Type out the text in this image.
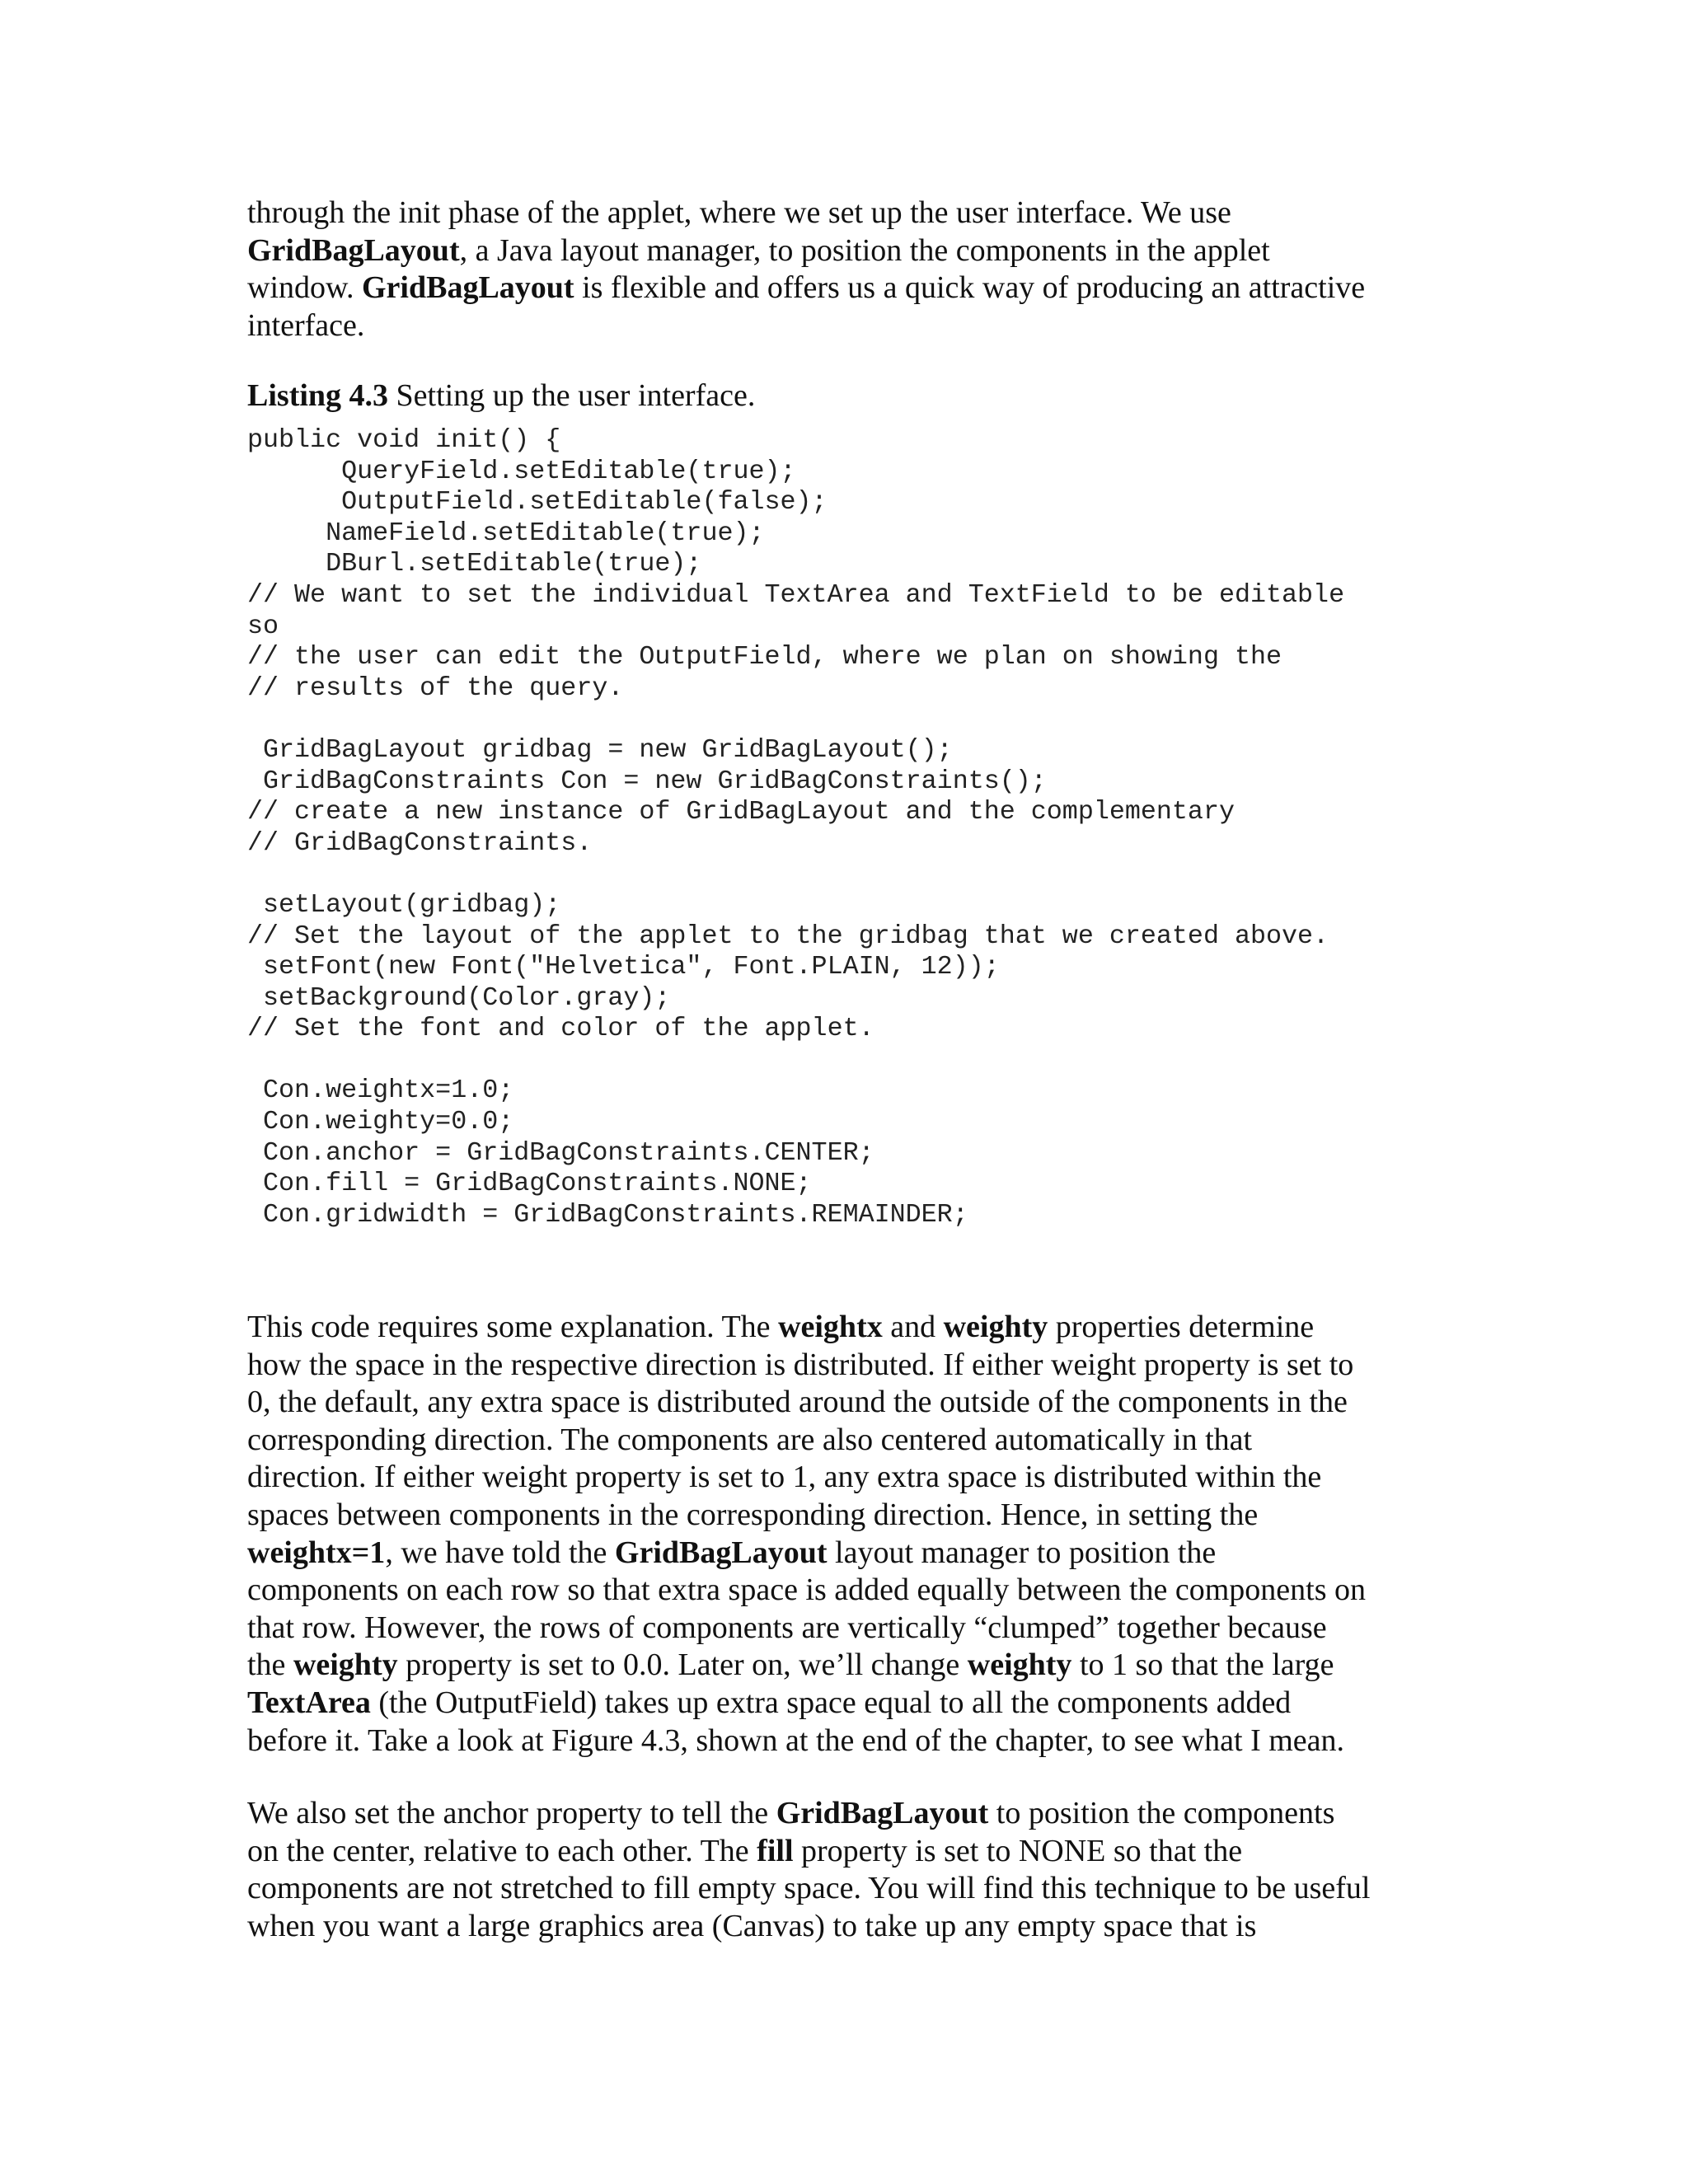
through the init phase of the applet, where we set up the user interface. We use
GridBagLayout, a Java layout manager, to position the components in the applet
window. GridBagLayout is flexible and offers us a quick way of producing an attractive
interface.

Listing 4.3 Setting up the user interface.

public void init() {
QueryField.setEditable(true);
OutputField.setEditable(false);
NameField.setEditable(true);
DBurl.setEditable(true);
// We want to set the individual TextArea and TextField to be editable
so
// the user can edit the OutputField, where we plan on showing the
// results of the query.

GridBagLayout gridbag = new GridBagLayout();
GridBagConstraints Con = new GridBagConstraints();
// create a new instance of GridBagLayout and the complementary
// GridBagConstraints.

setLayout(gridbag);
// Set the layout of the applet to the gridbag that we created above.
setFont(new Font("Helvetica", Font.PLAIN, 12));
setBackground(Color.gray);
// Set the font and color of the applet.

Con.weightx=1.0;
Con.weighty=0.0;
Con.anchor = GridBagConstraints.CENTER;
Con.fill = GridBagConstraints.NONE;
Con.gridwidth = GridBagConstraints.REMAINDER;

This code requires some explanation. The weightx and weighty properties determine
how the space in the respective direction is distributed. If either weight property is set to
0, the default, any extra space is distributed around the outside of the components in the
corresponding direction. The components are also centered automatically in that
direction. If either weight property is set to 1, any extra space is distributed within the
spaces between components in the corresponding direction. Hence, in setting the
weightx=1, we have told the GridBagLayout layout manager to position the
components on each row so that extra space is added equally between the components on
that row. However, the rows of components are vertically “clumped” together because
the weighty property is set to 0.0. Later on, we’ll change weighty to 1 so that the large
TextArea (the OutputField) takes up extra space equal to all the components added
before it. Take a look at Figure 4.3, shown at the end of the chapter, to see what I mean.

We also set the anchor property to tell the GridBagLayout to position the components
on the center, relative to each other. The fill property is set to NONE so that the
components are not stretched to fill empty space. You will find this technique to be useful
when you want a large graphics area (Canvas) to take up any empty space that is
